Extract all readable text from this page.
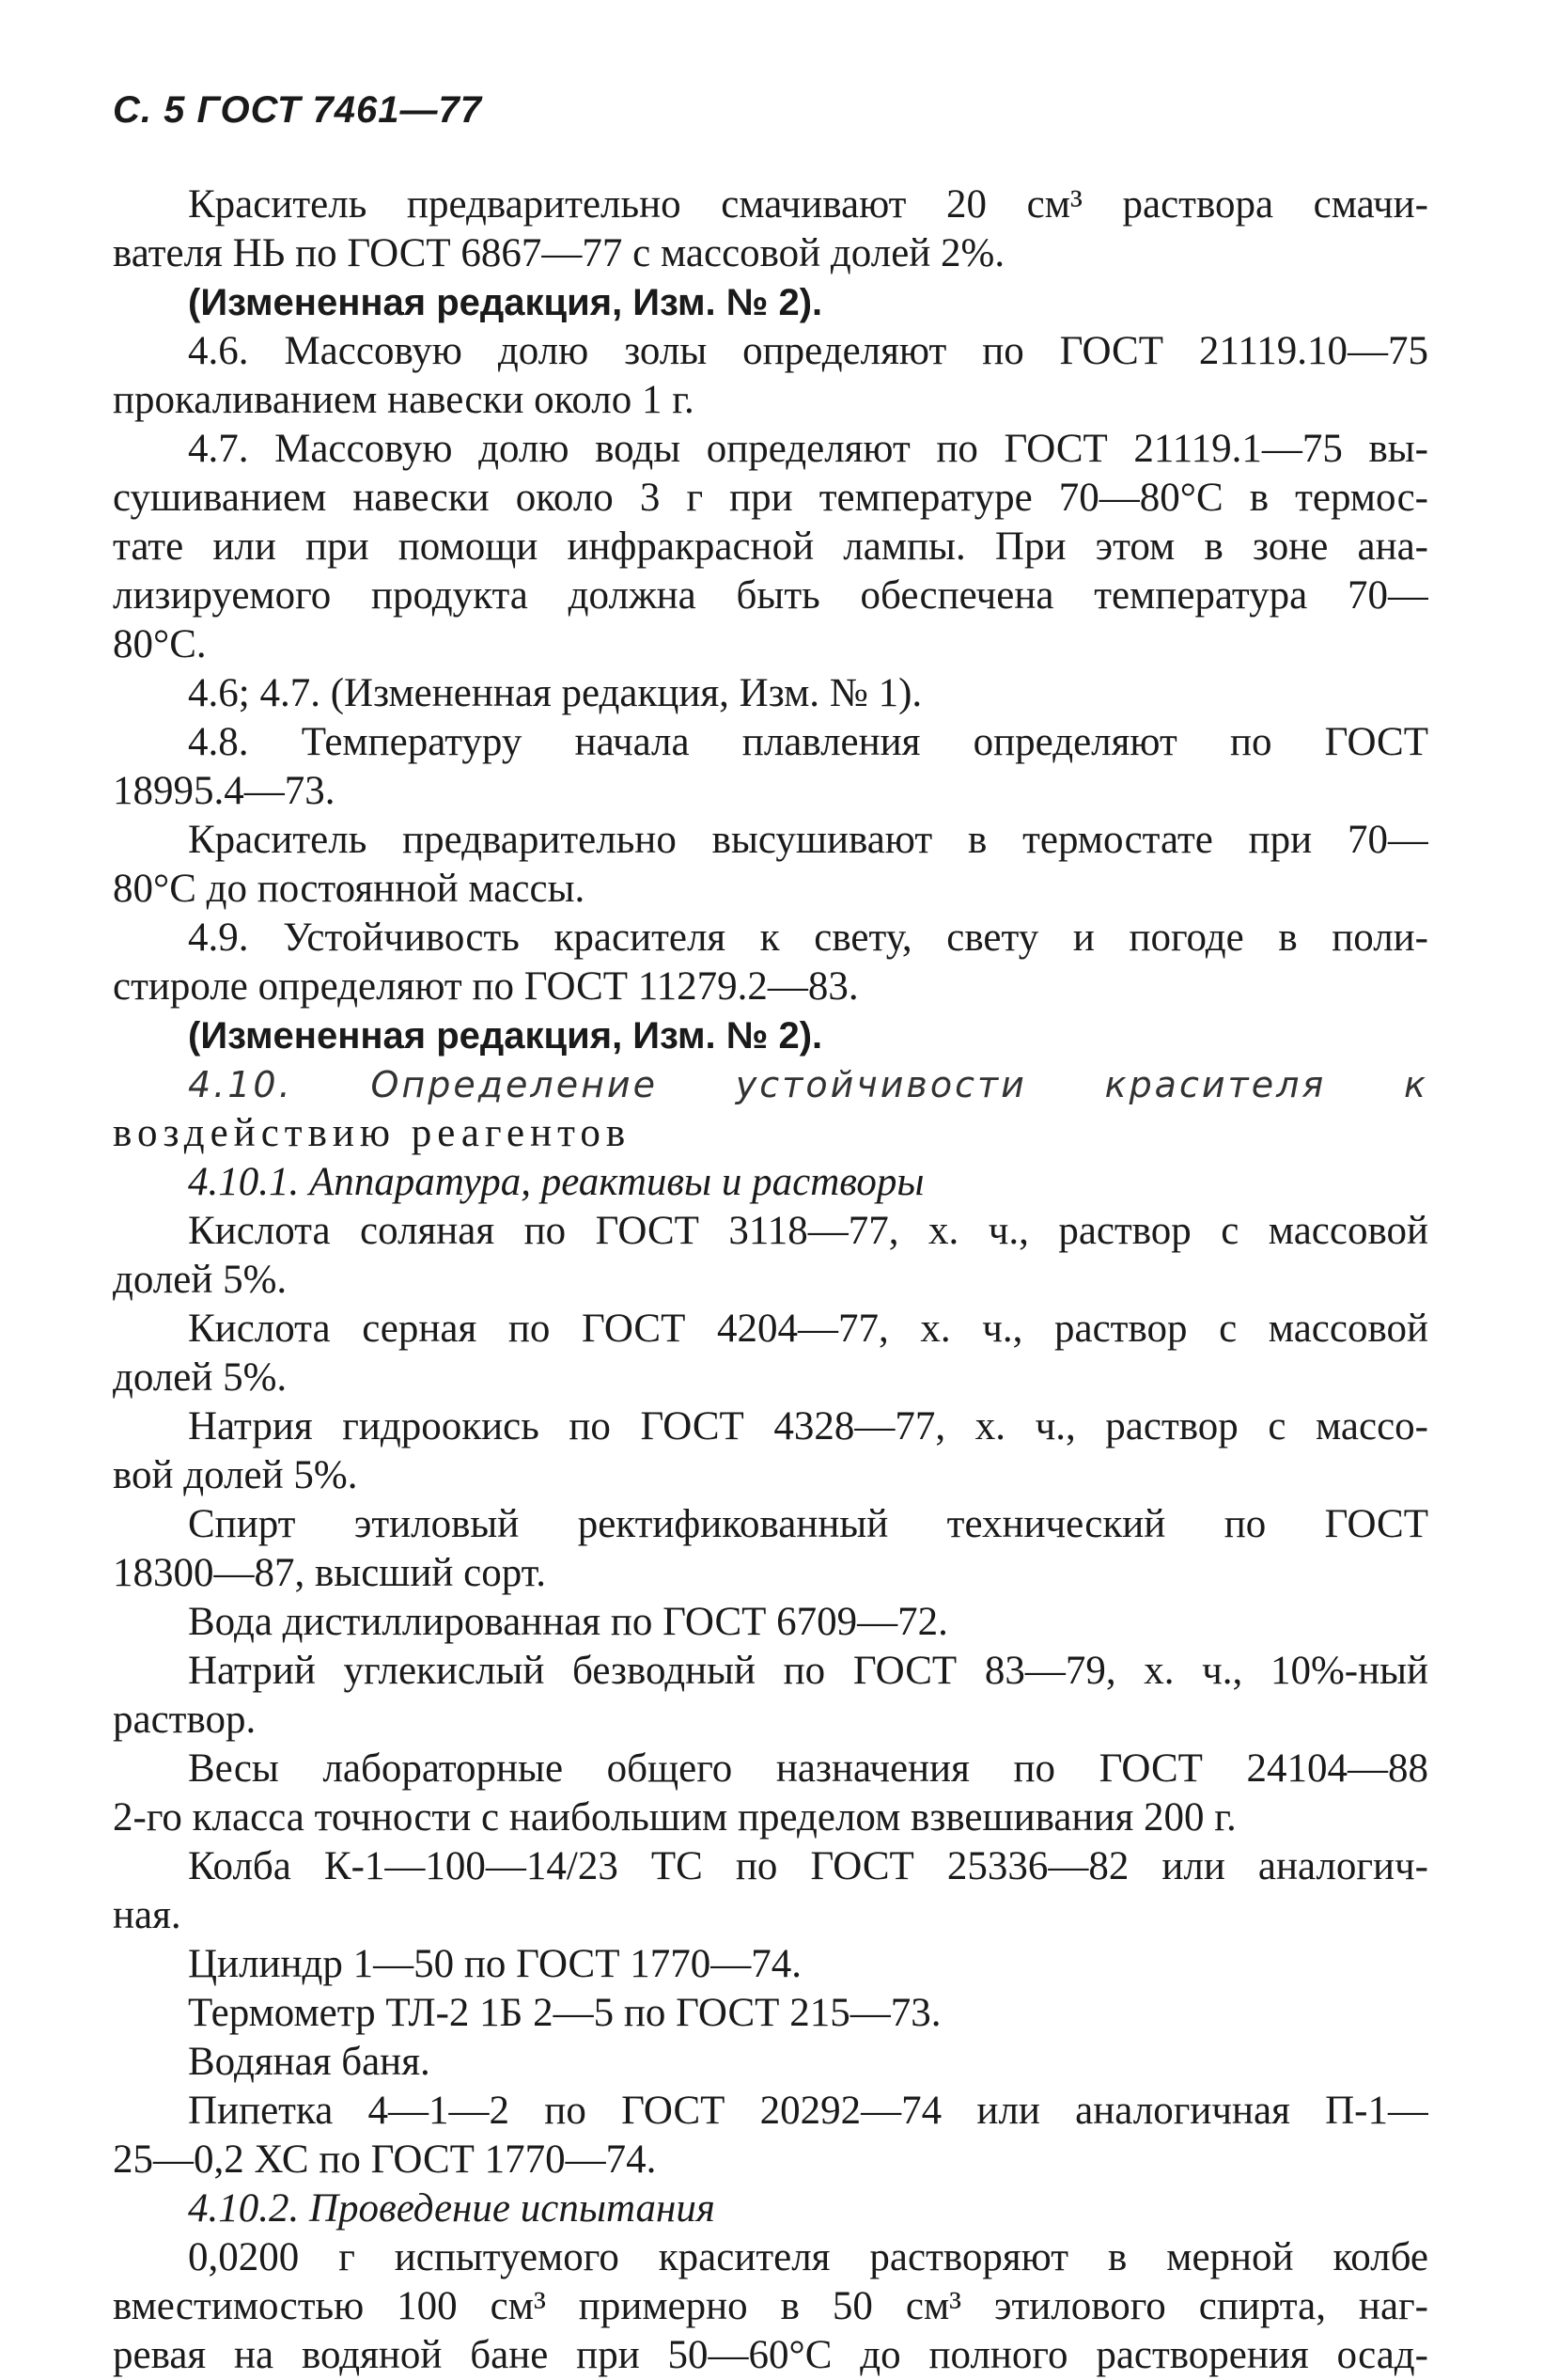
С. 5 ГОСТ 7461—77
Краситель предварительно смачивают 20 см³ раствора смачи-
вателя НЬ по ГОСТ 6867—77 с массовой долей 2%.
(Измененная редакция, Изм. № 2).
4.6. Массовую долю золы определяют по ГОСТ 21119.10—75
прокаливанием навески около 1 г.
4.7. Массовую долю воды определяют по ГОСТ 21119.1—75 вы-
сушиванием навески около 3 г при температуре 70—80°С в термос-
тате или при помощи инфракрасной лампы. При этом в зоне ана-
лизируемого продукта должна быть обеспечена температура 70—
80°С.
4.6; 4.7. (Измененная редакция, Изм. № 1).
4.8. Температуру начала плавления определяют по ГОСТ
18995.4—73.
Краситель предварительно высушивают в термостате при 70—
80°С до постоянной массы.
4.9. Устойчивость красителя к свету, свету и погоде в поли-
стироле определяют по ГОСТ 11279.2—83.
(Измененная редакция, Изм. № 2).
4.10. Определение устойчивости красителя к
воздействию реагентов
4.10.1. Аппаратура, реактивы и растворы
Кислота соляная по ГОСТ 3118—77, х. ч., раствор с массовой
долей 5%.
Кислота серная по ГОСТ 4204—77, х. ч., раствор с массовой
долей 5%.
Натрия гидроокись по ГОСТ 4328—77, х. ч., раствор с массо-
вой долей 5%.
Спирт этиловый ректификованный технический по ГОСТ
18300—87, высший сорт.
Вода дистиллированная по ГОСТ 6709—72.
Натрий углекислый безводный по ГОСТ 83—79, х. ч., 10%-ный
раствор.
Весы лабораторные общего назначения по ГОСТ 24104—88
2-го класса точности с наибольшим пределом взвешивания 200 г.
Колба К-1—100—14/23 ТС по ГОСТ 25336—82 или аналогич-
ная.
Цилиндр 1—50 по ГОСТ 1770—74.
Термометр ТЛ-2 1Б 2—5 по ГОСТ 215—73.
Водяная баня.
Пипетка 4—1—2 по ГОСТ 20292—74 или аналогичная П-1—
25—0,2 ХС по ГОСТ 1770—74.
4.10.2. Проведение испытания
0,0200 г испытуемого красителя растворяют в мерной колбе
вместимостью 100 см³ примерно в 50 см³ этилового спирта, наг-
ревая на водяной бане при 50—60°С до полного растворения осад-
